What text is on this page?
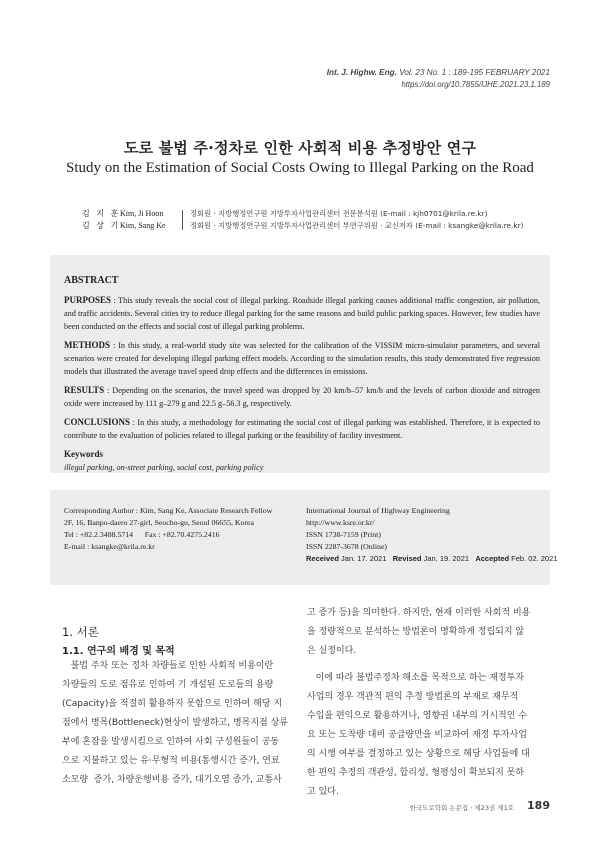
Int. J. Highw. Eng. Vol. 23 No. 1 : 189-195 FEBRUARY 2021
https://doi.org/10.7855/IJHE.2021.23.1.189
도로 불법 주·정차로 인한 사회적 비용 추정방안 연구
Study on the Estimation of Social Costs Owing to Illegal Parking on the Road
김 지 훈 Kim, Ji Hoon	정회원 · 지방행정연구원 지방투자사업관리센터 전문분석원 (E-mail : kjh0701@krila.re.kr)
김 상 기 Kim, Sang Ke	정회원 · 지방행정연구원 지방투자사업관리센터 부연구위원 · 교신저자 (E-mail : ksangke@krila.re.kr)
ABSTRACT

PURPOSES : This study reveals the social cost of illegal parking. Roadside illegal parking causes additional traffic congestion, air pollution, and traffic accidents. Several cities try to reduce illegal parking for the same reasons and build public parking spaces. However, few studies have been conducted on the effects and social cost of illegal parking problems.

METHODS : In this study, a real-world study site was selected for the calibration of the VISSIM micro-simulator parameters, and several scenarios were created for developing illegal parking effect models. According to the simulation results, this study demonstrated five regression models that illustrated the average travel speed drop effects and the differences in emissions.

RESULTS : Depending on the scenarios, the travel speed was dropped by 20 km/h–57 km/h and the levels of carbon dioxide and nitrogen oxide were increased by 111 g–279 g and 22.5 g–56.3 g, respectively.

CONCLUSIONS : In this study, a methodology for estimating the social cost of illegal parking was established. Therefore, it is expected to contribute to the evaluation of policies related to illegal parking or the feasibility of facility investment.

Keywords

illegal parking, on-street parking, social cost, parking policy

Corresponding Author : Kim, Sang Ke, Associate Research Fellow
2F, 16, Banpo-daero 27-girl, Seocho-gu, Seoul 06655, Korea
Tel : +82.2.3488.5714      Fax : +82.70.4275.2416
E-mail : ksangke@krila.re.kr
International Journal of Highway Engineering
http://www.ksre.or.kr/
ISSN 1738-7159 (Print)
ISSN 2287-3678 (Online)
Received Jan. 17. 2021   Revised Jan. 19. 2021   Accepted Feb. 02. 2021
1. 서론
1.1. 연구의 배경 및 목적
불법 주차 또는 정차 차량들로 인한 사회적 비용이란
차량들의 도로 점유로 인하여 기 개설된 도로들의 용량
(Capacity)을 적절히 활용하지 못함으로 인하여 해당 지
점에서 병목(Bottleneck)현상이 발생하고, 병목지점 상류
부에 혼잡을 발생시킴으로 인하여 사회 구성원들이 공동
으로 지불하고 있는 유·무형적 비용(통행시간 증가, 연료
소모량  증가, 차량운행비용 증가, 대기오염 증가, 교통사
고 증가 등)을 의미한다. 하지만, 현재 이러한 사회적 비용
을 정량적으로 분석하는 방법론이 명확하게 정립되지 않
은 실정이다.
이에 따라 불법주정차 해소를 목적으로 하는 재정투자
사업의 경우 객관적 편익 추정 방법론의 부재로 재무적
수입을 편익으로 활용하거나, 영향권 내부의 거시적인 수
요 또는 도착량 대비 공급량만을 비교하여 재정 투자사업
의 시행 여부를 결정하고 있는 상황으로 해당 사업들에 대
한 편익 추정의 객관성, 합리성, 형평성이 확보되지 못하
고 있다.
한국도로학회 논문집 · 제23권 제1호 189
